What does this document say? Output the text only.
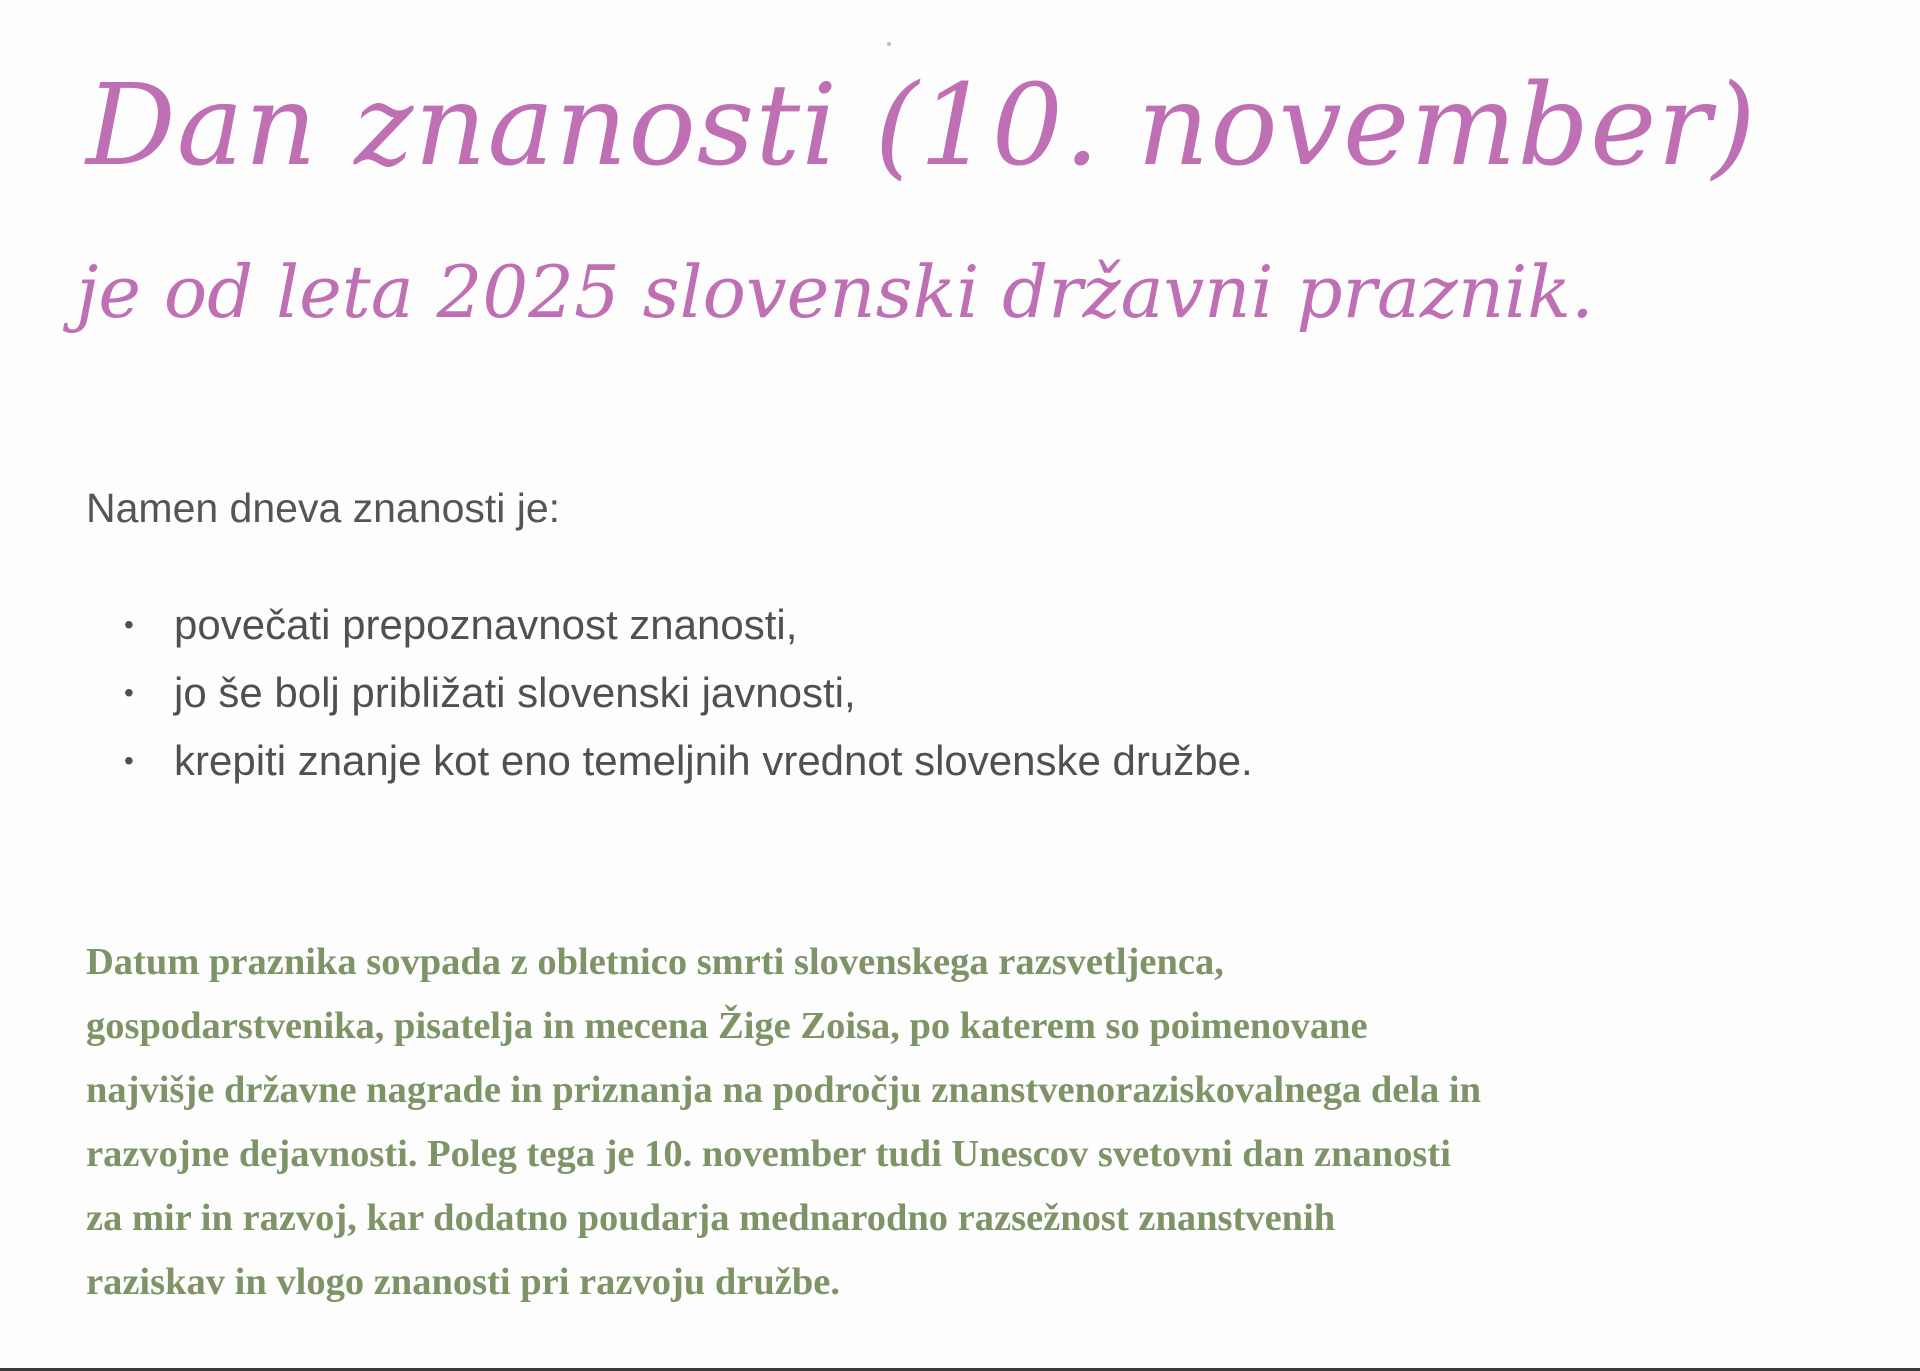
Dan znanosti (10. november)
je od leta 2025 slovenski državni praznik.

Namen dneva znanosti je:

• povečati prepoznavnost znanosti,
• jo še bolj približati slovenski javnosti,
• krepiti znanje kot eno temeljnih vrednot slovenske družbe.

Datum praznika sovpada z obletnico smrti slovenskega razsvetljenca,
gospodarstvenika, pisatelja in mecena Žige Zoisa, po katerem so poimenovane
najvišje državne nagrade in priznanja na področju znanstvenoraziskovalnega dela in
razvojne dejavnosti. Poleg tega je 10. november tudi Unescov svetovni dan znanosti
za mir in razvoj, kar dodatno poudarja mednarodno razsežnost znanstvenih
raziskav in vlogo znanosti pri razvoju družbe.
